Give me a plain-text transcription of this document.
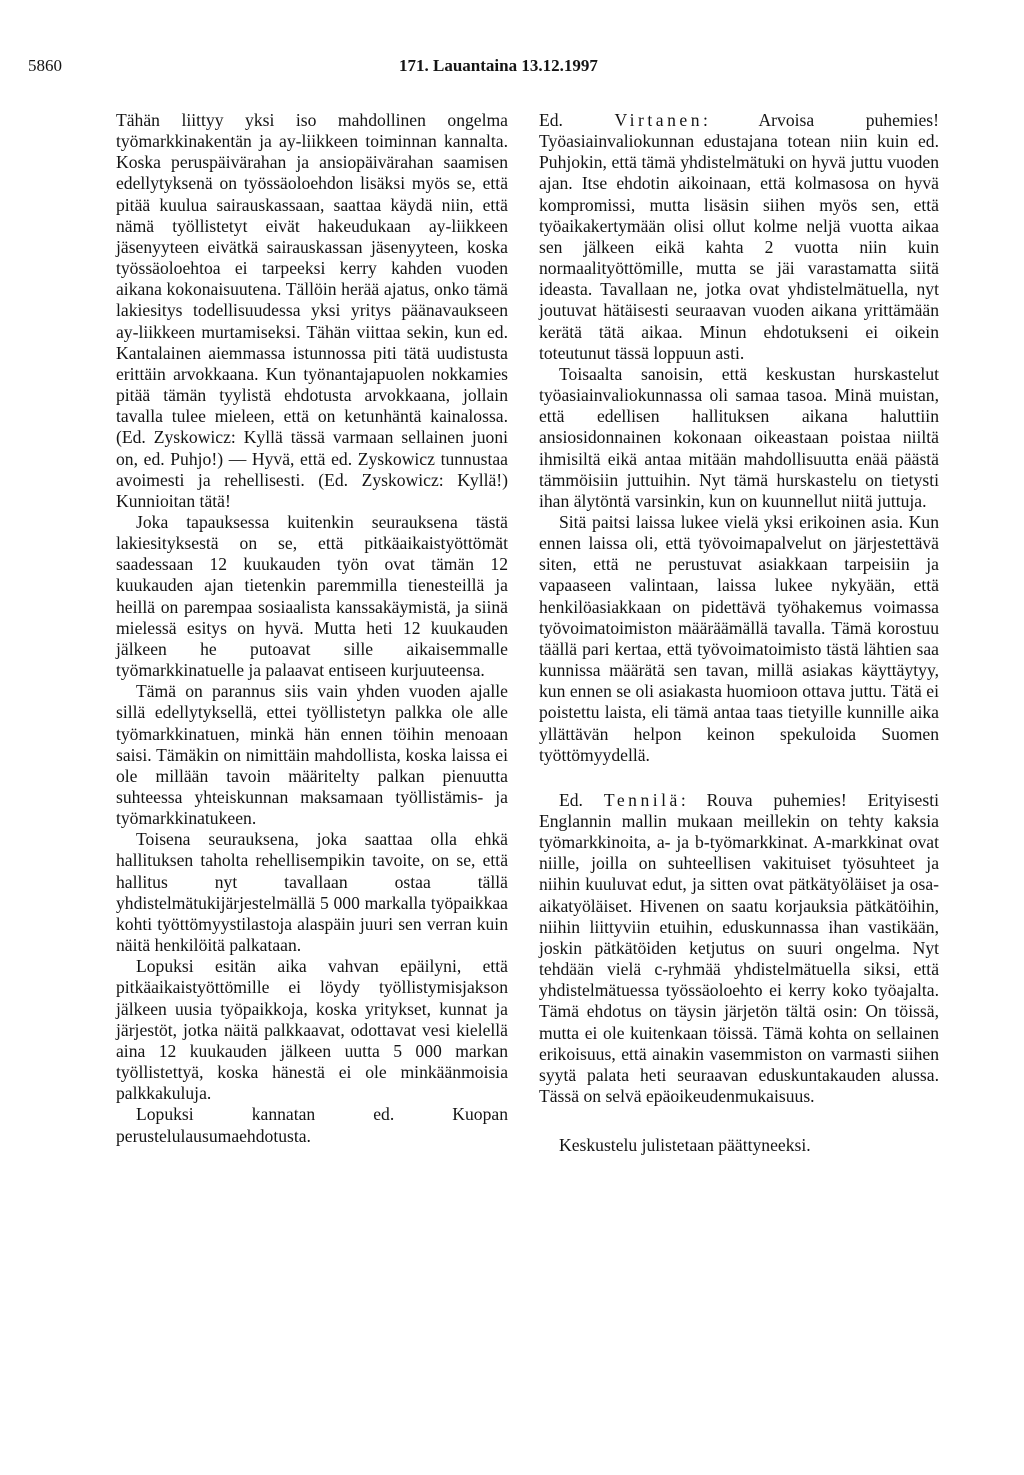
5860	171. Lauantaina 13.12.1997

Tähän liittyy yksi iso mahdollinen ongelma työmarkkinakentän ja ay-liikkeen toiminnan kannalta. Koska peruspäivärahan ja ansiopäivärahan saamisen edellytyksenä on työssäoloehdon lisäksi myös se, että pitää kuulua sairauskassaan, saattaa käydä niin, että nämä työllistetyt eivät hakeudukaan ay-liikkeen jäsenyyteen eivätkä sairauskassan jäsenyyteen, koska työssäoloehtoa ei tarpeeksi kerry kahden vuoden aikana kokonaisuutena. Tällöin herää ajatus, onko tämä lakiesitys todellisuudessa yksi yritys päänavaukseen ay-liikkeen murtamiseksi. Tähän viittaa sekin, kun ed. Kantalainen aiemmassa istunnossa piti tätä uudistusta erittäin arvokkaana. Kun työnantajapuolen nokkamies pitää tämän tyylistä ehdotusta arvokkaana, jollain tavalla tulee mieleen, että on ketunhäntä kainalossa. (Ed. Zyskowicz: Kyllä tässä varmaan sellainen juoni on, ed. Puhjo!) — Hyvä, että ed. Zyskowicz tunnustaa avoimesti ja rehellisesti. (Ed. Zyskowicz: Kyllä!) Kunnioitan tätä!

Joka tapauksessa kuitenkin seurauksena tästä lakiesityksestä on se, että pitkäaikaistyöttömät saadessaan 12 kuukauden työn ovat tämän 12 kuukauden ajan tietenkin paremmilla tienesteillä ja heillä on parempaa sosiaalista kanssakäymistä, ja siinä mielessä esitys on hyvä. Mutta heti 12 kuukauden jälkeen he putoavat sille aikaisemmalle työmarkkinatuelle ja palaavat entiseen kurjuuteensa.

Tämä on parannus siis vain yhden vuoden ajalle sillä edellytyksellä, ettei työllistetyn palkka ole alle työmarkkinatuen, minkä hän ennen töihin menoaan saisi. Tämäkin on nimittäin mahdollista, koska laissa ei ole millään tavoin määritelty palkan pienuutta suhteessa yhteiskunnan maksamaan työllistämis- ja työmarkkinatukeen.

Toisena seurauksena, joka saattaa olla ehkä hallituksen taholta rehellisempikin tavoite, on se, että hallitus nyt tavallaan ostaa tällä yhdistelmätukijärjestelmällä 5 000 markalla työpaikkaa kohti työttömyystilastoja alaspäin juuri sen verran kuin näitä henkilöitä palkataan.

Lopuksi esitän aika vahvan epäilyni, että pitkäaikaistyöttömille ei löydy työllistymisjakson jälkeen uusia työpaikkoja, koska yritykset, kunnat ja järjestöt, jotka näitä palkkaavat, odottavat vesi kielellä aina 12 kuukauden jälkeen uutta 5 000 markan työllistettyä, koska hänestä ei ole minkäänmoisia palkkakuluja.

Lopuksi kannatan ed. Kuopan perustelulausumaehdotusta.

Ed.	Virtanen: Arvoisa puhemies! Työasiainvaliokunnan edustajana totean niin kuin ed. Puhjokin, että tämä yhdistelmätuki on hyvä juttu vuoden ajan. Itse ehdotin aikoinaan, että kolmasosa on hyvä kompromissi, mutta lisäsin siihen myös sen, että työaikakertymään olisi ollut kolme neljä vuotta aikaa sen jälkeen eikä kahta 2 vuotta niin kuin normaalityöttömille, mutta se jäi varastamatta siitä ideasta. Tavallaan ne, jotka ovat yhdistelmätuella, nyt joutuvat hätäisesti seuraavan vuoden aikana yrittämään kerätä tätä aikaa. Minun ehdotukseni ei oikein toteutunut tässä loppuun asti.

Toisaalta sanoisin, että keskustan hurskastelut työasiainvaliokunnassa oli samaa tasoa. Minä muistan, että edellisen hallituksen aikana haluttiin ansiosidonnainen kokonaan oikeastaan poistaa niiltä ihmisiltä eikä antaa mitään mahdollisuutta enää päästä tämmöisiin juttuihin. Nyt tämä hurskastelu on tietysti ihan älytöntä varsinkin, kun on kuunnellut niitä juttuja.

Sitä paitsi laissa lukee vielä yksi erikoinen asia. Kun ennen laissa oli, että työvoimapalvelut on järjestettävä siten, että ne perustuvat asiakkaan tarpeisiin ja vapaaseen valintaan, laissa lukee nykyään, että henkilöasiakkaan on pidettävä työhakemus voimassa työvoimatoimiston määräämällä tavalla. Tämä korostuu täällä pari kertaa, että työvoimatoimisto tästä lähtien saa kunnissa määrätä sen tavan, millä asiakas käyttäytyy, kun ennen se oli asiakasta huomioon ottava juttu. Tätä ei poistettu laista, eli tämä antaa taas tietyille kunnille aika yllättävän helpon keinon spekuloida Suomen työttömyydellä.

Ed. Tennilä: Rouva puhemies! Erityisesti Englannin mallin mukaan meillekin on tehty kaksia työmarkkinoita, a- ja b-työmarkkinat. A-markkinat ovat niille, joilla on suhteellisen vakituiset työsuhteet ja niihin kuuluvat edut, ja sitten ovat pätkätyöläiset ja osa-aikatyöläiset. Hivenen on saatu korjauksia pätkätöihin, niihin liittyviin etuihin, eduskunnassa ihan vastikään, joskin pätkätöiden ketjutus on suuri ongelma. Nyt tehdään vielä c-ryhmää yhdistelmätuella siksi, että yhdistelmätuessa työssäoloehto ei kerry koko työajalta. Tämä ehdotus on täysin järjetön tältä osin: On töissä, mutta ei ole kuitenkaan töissä. Tämä kohta on sellainen erikoisuus, että ainakin vasemmiston on varmasti siihen syytä palata heti seuraavan eduskuntakauden alussa. Tässä on selvä epäoikeudenmukaisuus.

Keskustelu julistetaan päättyneeksi.
